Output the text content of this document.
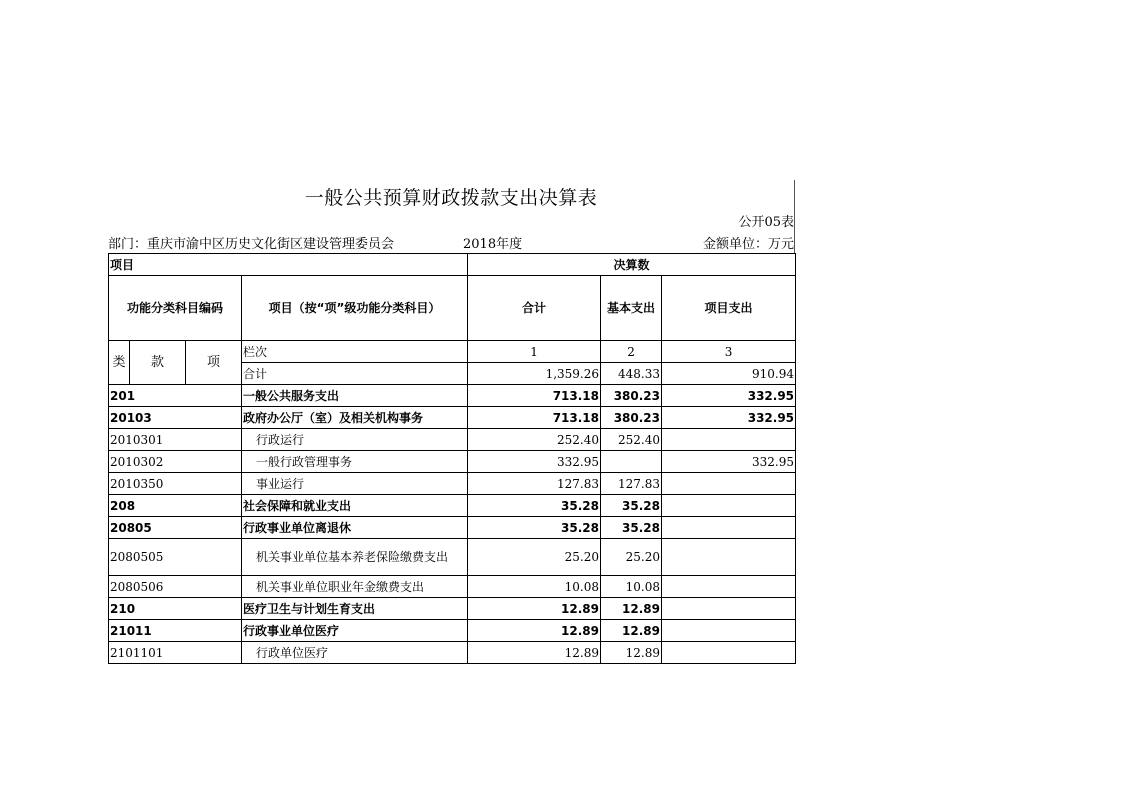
一般公共预算财政拨款支出决算表
公开05表
部门：重庆市渝中区历史文化街区建设管理委员会	2018年度	金额单位：万元
项目				决算数		
功能分类科目编码			项目（按“项”级功能分类科目）	合计	基本支出	项目支出
类	款	项	栏次	1	2	3
			合计	1,359.26	448.33	910.94
201			一般公共服务支出	713.18	380.23	332.95
20103			政府办公厅（室）及相关机构事务	713.18	380.23	332.95
2010301			行政运行	252.40	252.40	
2010302			一般行政管理事务	332.95		332.95
2010350			事业运行	127.83	127.83	
208			社会保障和就业支出	35.28	35.28	
20805			行政事业单位离退休	35.28	35.28	
2080505			机关事业单位基本养老保险缴费支出	25.20	25.20	
2080506			机关事业单位职业年金缴费支出	10.08	10.08	
210			医疗卫生与计划生育支出	12.89	12.89	
21011			行政事业单位医疗	12.89	12.89	
2101101			行政单位医疗	12.89	12.89	
